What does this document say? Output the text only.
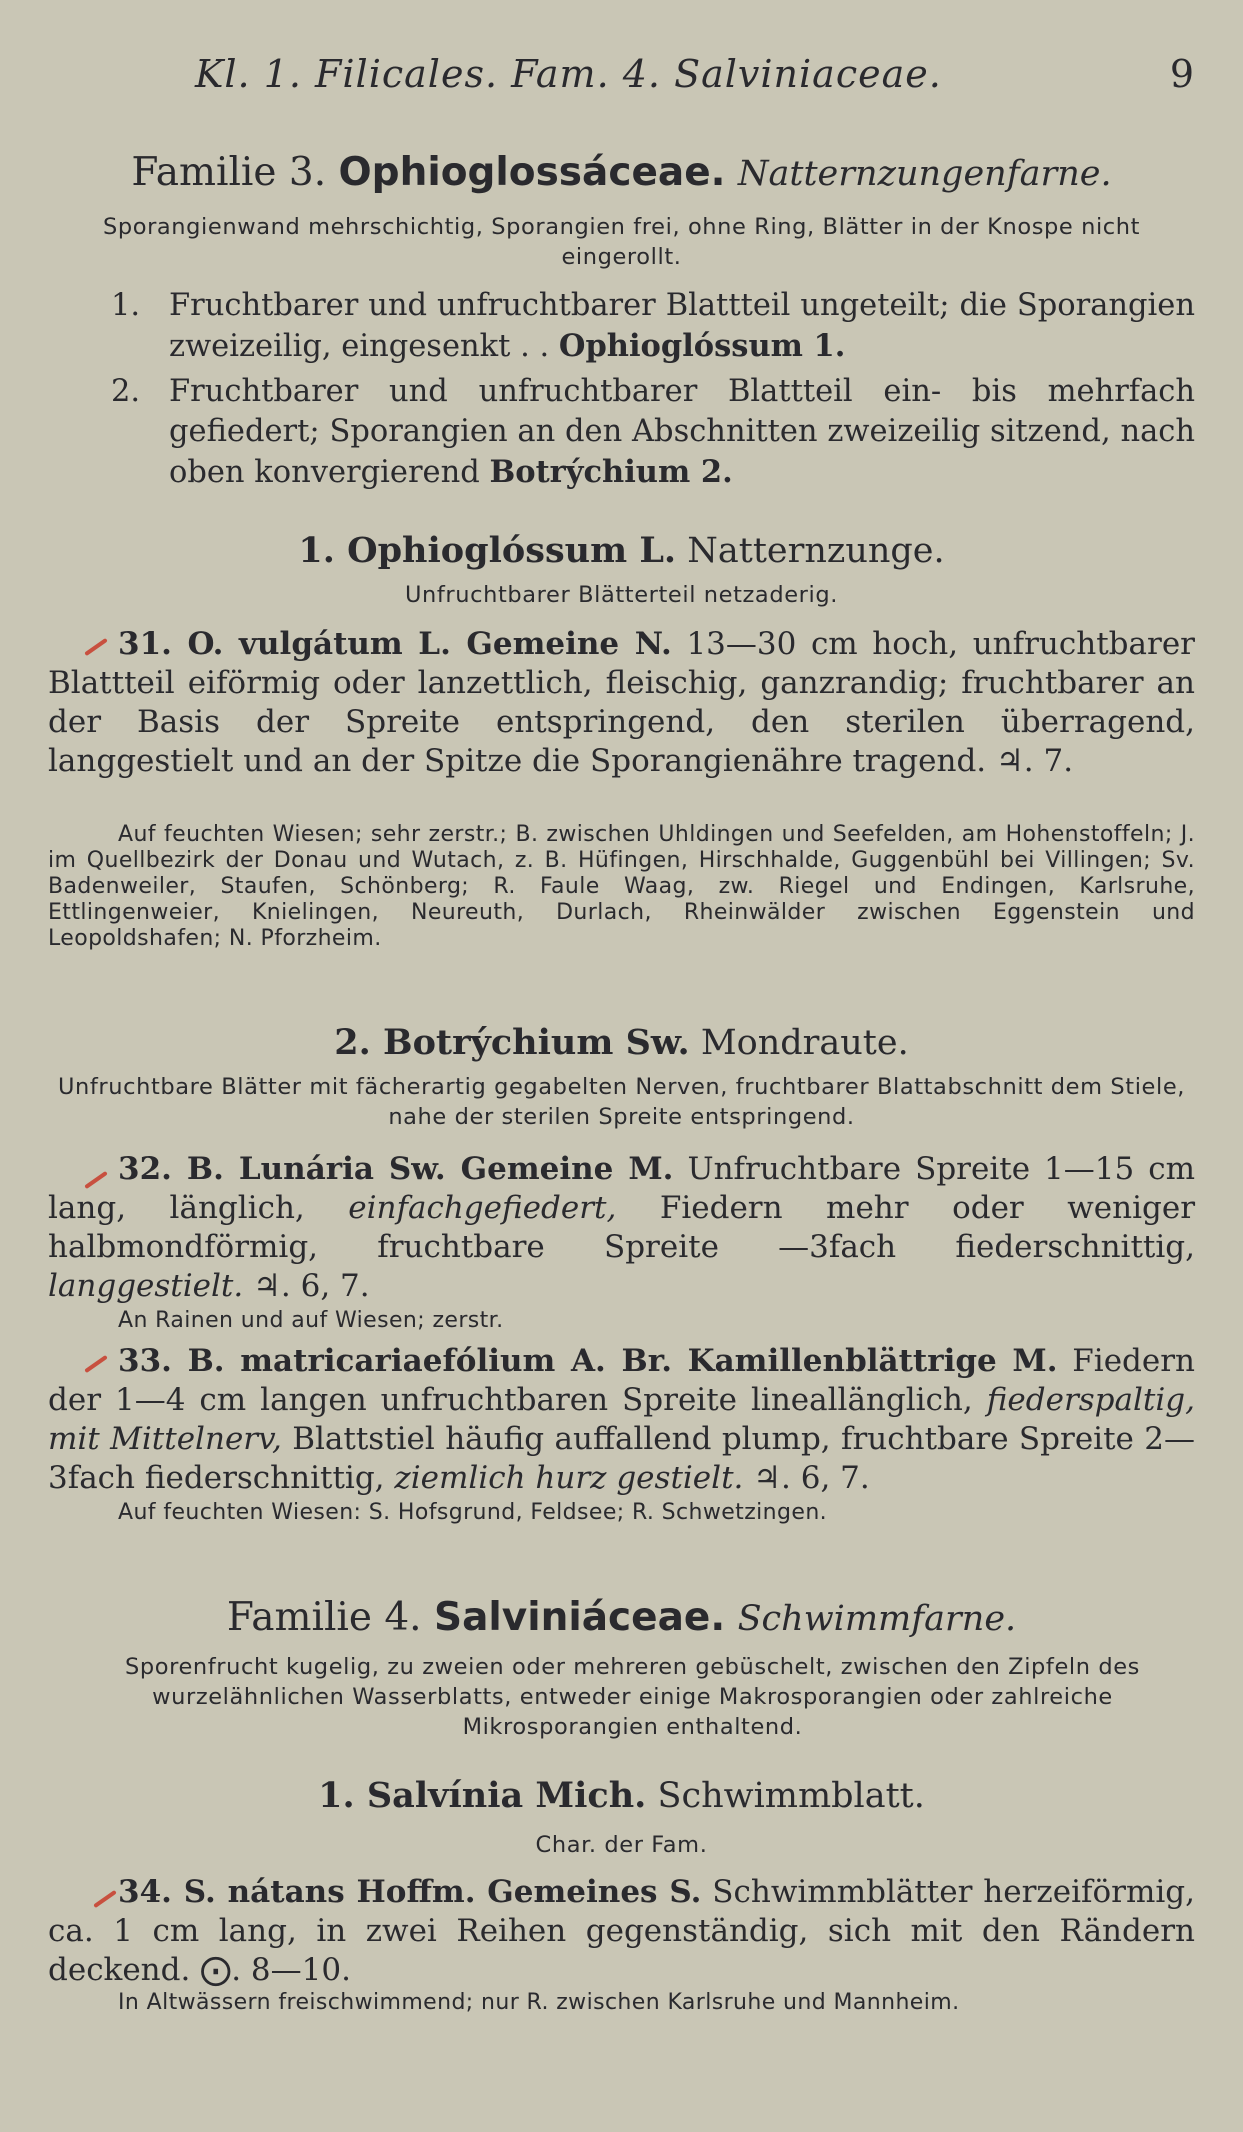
Kl. 1. Filicales. Fam. 4. Salviniaceae.	9
Familie 3. Ophioglossáceae. Natternzungenfarne.
Sporangienwand mehrschichtig, Sporangien frei, ohne Ring, Blätter in der Knospe nicht eingerollt.
1. Fruchtbarer und unfruchtbarer Blattteil ungeteilt; die Sporangien zweizeilig, eingesenkt . . Ophioglóssum 1.
2. Fruchtbarer und unfruchtbarer Blattteil ein- bis mehrfach gefiedert; Sporangien an den Abschnitten zweizeilig sitzend, nach oben konvergierend Botrýchium 2.
1. Ophioglóssum L. Natternzunge.
Unfruchtbarer Blätterteil netzaderig.
31. O. vulgátum L. Gemeine N. 13—30 cm hoch, unfruchtbarer Blattteil eiförmig oder lanzettlich, fleischig, ganzrandig; fruchtbarer an der Basis der Spreite entspringend, den sterilen überragend, langgestielt und an der Spitze die Sporangienähre tragend. ♃. 7.
Auf feuchten Wiesen; sehr zerstr.; B. zwischen Uhldingen und Seefelden, am Hohenstoffeln; J. im Quellbezirk der Donau und Wutach, z. B. Hüfingen, Hirschhalde, Guggenbühl bei Villingen; Sv. Badenweiler, Staufen, Schönberg; R. Faule Waag, zw. Riegel und Endingen, Karlsruhe, Ettlingenweier, Knielingen, Neureuth, Durlach, Rheinwälder zwischen Eggenstein und Leopoldshafen; N. Pforzheim.
2. Botrýchium Sw. Mondraute.
Unfruchtbare Blätter mit fächerartig gegabelten Nerven, fruchtbarer Blattabschnitt dem Stiele, nahe der sterilen Spreite entspringend.
32. B. Lunária Sw. Gemeine M. Unfruchtbare Spreite 1—15 cm lang, länglich, einfachgefiedert, Fiedern mehr oder weniger halbmondförmig, fruchtbare Spreite —3fach fiederschnittig, langgestielt. ♃. 6, 7.
An Rainen und auf Wiesen; zerstr.
33. B. matricariaefólium A. Br. Kamillenblättrige M. Fiedern der 1—4 cm langen unfruchtbaren Spreite lineallänglich, fiederspaltig, mit Mittelnerv, Blattstiel häufig auffallend plump, fruchtbare Spreite 2—3fach fiederschnittig, ziemlich hurz gestielt. ♃. 6, 7.
Auf feuchten Wiesen: S. Hofsgrund, Feldsee; R. Schwetzingen.
Familie 4. Salviniáceae. Schwimmfarne.
Sporenfrucht kugelig, zu zweien oder mehreren gebüschelt, zwischen den Zipfeln des wurzelähnlichen Wasserblatts, entweder einige Makrosporangien oder zahlreiche Mikrosporangien enthaltend.
1. Salvínia Mich. Schwimmblatt.
Char. der Fam.
34. S. nátans Hoffm. Gemeines S. Schwimmblätter herzeiförmig, ca. 1 cm lang, in zwei Reihen gegenständig, sich mit den Rändern deckend. ⨀. 8—10.
In Altwässern freischwimmend; nur R. zwischen Karlsruhe und Mannheim.
